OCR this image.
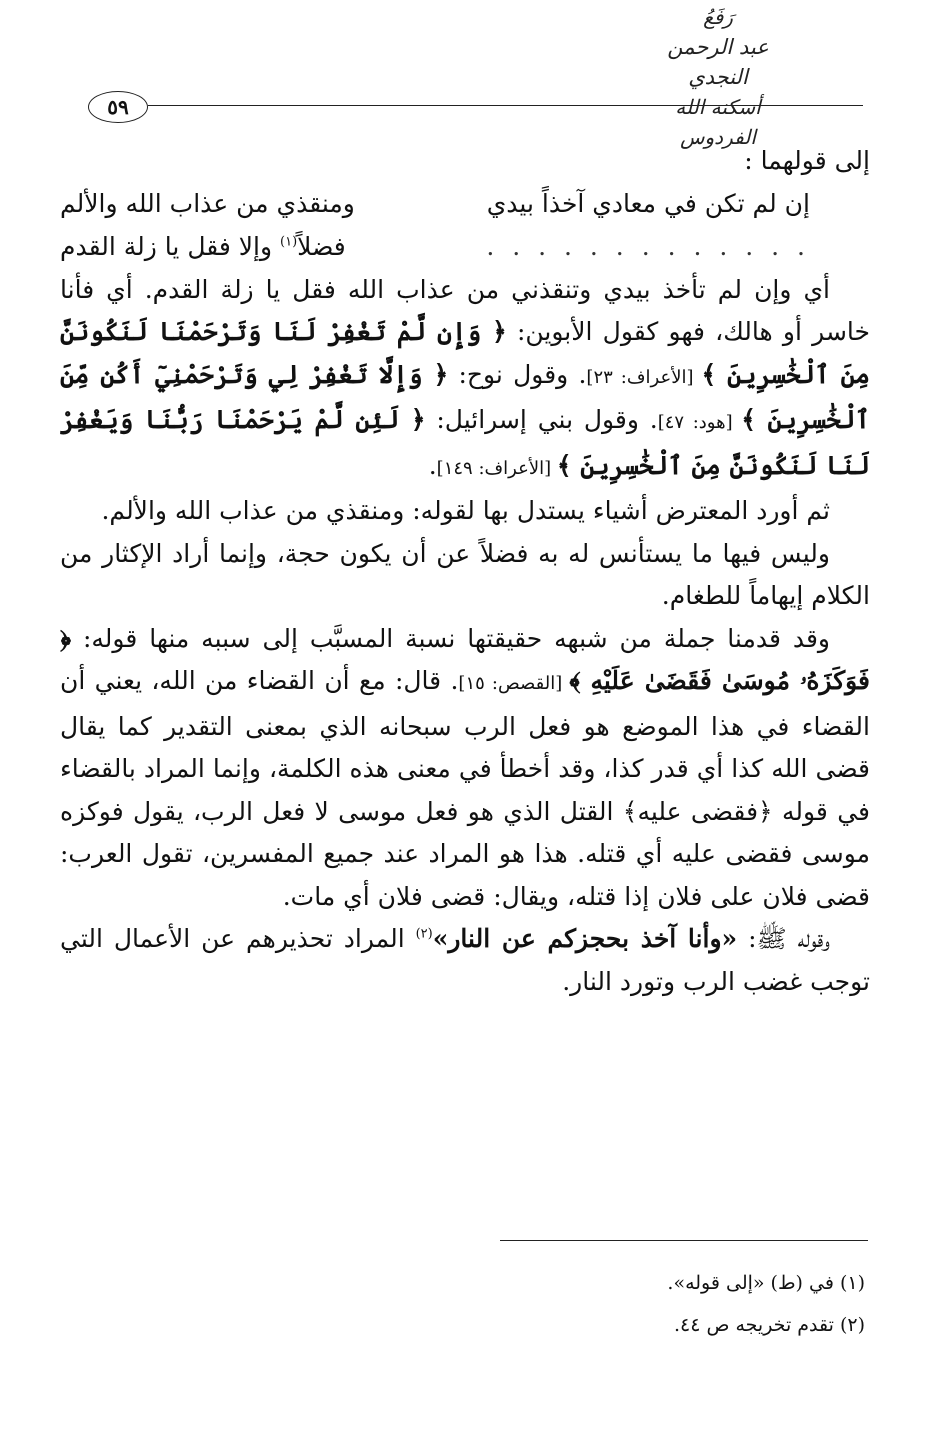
رَفَعُ
عبد الرحمن النجدي
أسكنه الله الفردوس
٥٩

إلى قولهما :

إن لم تكن في معادي آخذاً بيدي
ومنقذي من عذاب الله والألم
. . . . . . . . . . . . .
فضلاً$^{(١)}$ وإلا فقل يا زلة القدم

أي وإن لم تأخذ بيدي وتنقذني من عذاب الله فقل يا زلة القدم. أي فأنا خاسر أو هالك، فهو كقول الأبوين: ﴿ وَإِن لَّمْ تَغْفِرْ لَنَا وَتَرْحَمْنَا لَنَكُونَنَّ مِنَ ٱلْخَٰسِرِينَ ﴾ [الأعراف: ٢٣]. وقول نوح: ﴿ وَإِلَّا تَغْفِرْ لِي وَتَرْحَمْنِيٓ أَكُن مِّنَ ٱلْخَٰسِرِينَ ﴾ [هود: ٤٧]. وقول بني إسرائيل: ﴿ لَئِن لَّمْ يَرْحَمْنَا رَبُّنَا وَيَغْفِرْ لَنَا لَنَكُونَنَّ مِنَ ٱلْخَٰسِرِينَ ﴾ [الأعراف: ١٤٩].

ثم أورد المعترض أشياء يستدل بها لقوله: ومنقذي من عذاب الله والألم.

وليس فيها ما يستأنس له به فضلاً عن أن يكون حجة، وإنما أراد الإكثار من الكلام إيهاماً للطغام.

وقد قدمنا جملة من شبهه حقيقتها نسبة المسبَّب إلى سببه منها قوله: ﴿ فَوَكَزَهُۥ مُوسَىٰ فَقَضَىٰ عَلَيْهِ ﴾ [القصص: ١٥]. قال: مع أن القضاء من الله، يعني أن القضاء في هذا الموضع هو فعل الرب سبحانه الذي بمعنى التقدير كما يقال قضى الله كذا أي قدر كذا، وقد أخطأ في معنى هذه الكلمة، وإنما المراد بالقضاء في قوله ﴿فقضى عليه﴾ القتل الذي هو فعل موسى لا فعل الرب، يقول فوكزه موسى فقضى عليه أي قتله. هذا هو المراد عند جميع المفسرين، تقول العرب: قضى فلان على فلان إذا قتله، ويقال: قضى فلان أي مات.

وقوله ﷺ: «وأنا آخذ بحجزكم عن النار»$^{(٢)}$ المراد تحذيرهم عن الأعمال التي توجب غضب الرب وتورد النار.

(١) في (ط) «إلى قوله».
(٢) تقدم تخريجه ص ٤٤.
